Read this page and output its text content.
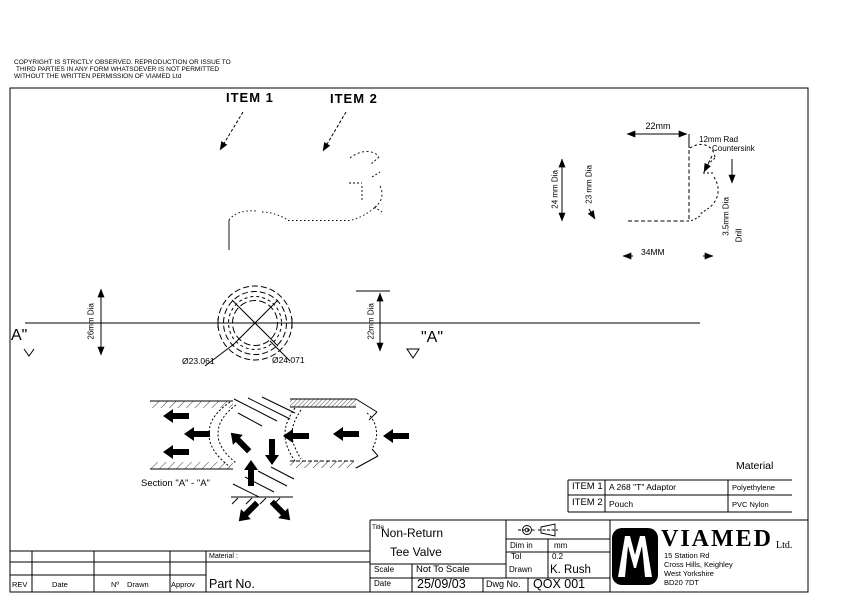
COPYRIGHT IS STRICTLY OBSERVED. REPRODUCTION OR ISSUE TO
THIRD PARTIES IN ANY FORM WHATSOEVER IS NOT PERMITTED
WITHOUT THE WRITTEN PERMISSION OF VIAMED Ltd
ITEM 1	ITEM 2
26mm Dia	22mm Dia
Ø23.061	Ø24.071
A"	"A"
Section "A" - "A"
22mm
12mm Rad
Countersink
24 mm Dia	23 mm Dia
3.5mm Dia Drill
34MM
Material
ITEM 1 A 268 "T" Adaptor	Polyethylene
ITEM 2 Pouch	PVC Nylon
REV	Date	Nº Drawn	Approv
Material :
Part No.
Title
Non-Return
Tee Valve
Scale Not To Scale
Date 25/09/03 Dwg No. QOX 001
Dim in	mm
Tol	0.2
Drawn K. Rush
VIAMED Ltd.
15 Station Rd
Cross Hills, Keighley
West Yorkshire
BD20 7DT
